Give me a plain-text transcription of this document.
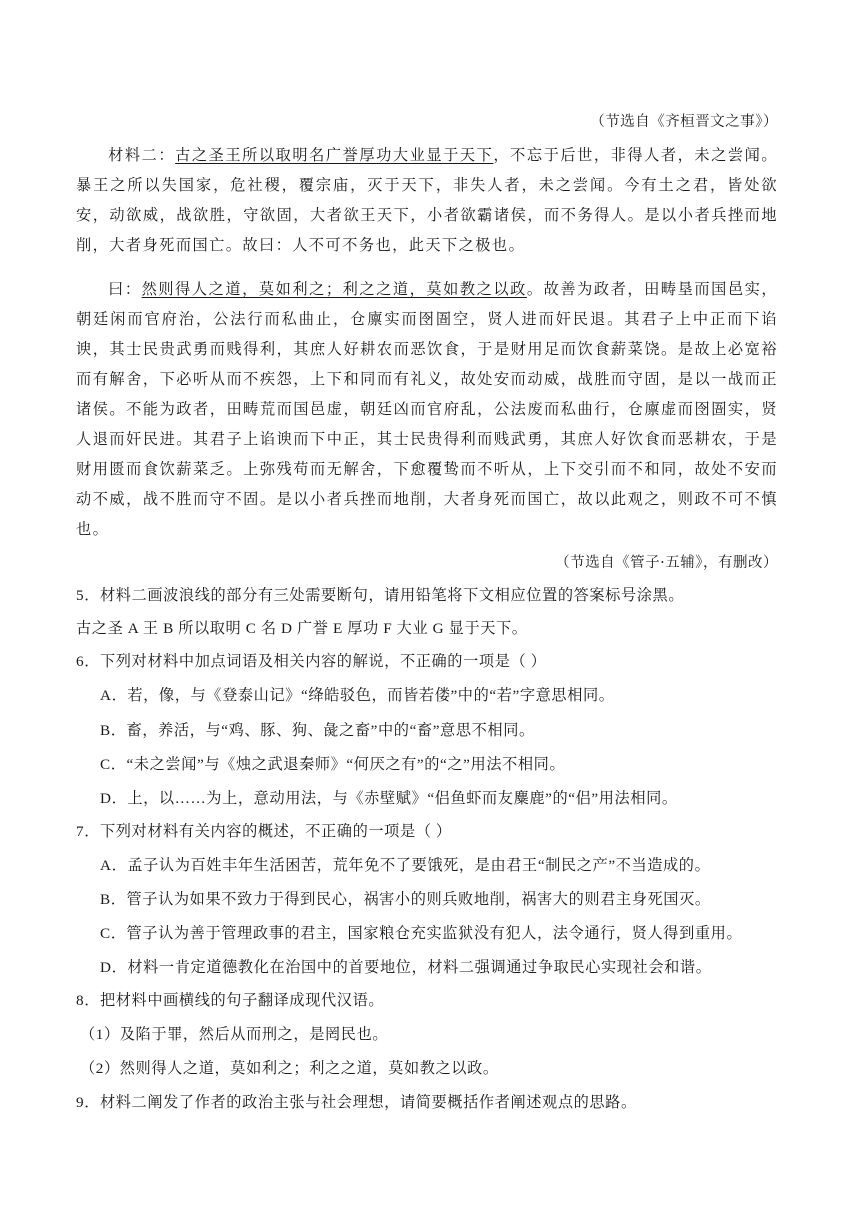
（节选自《齐桓晋文之事》）
材料二：古之圣王所以取明名广誉厚功大业显于天下，不忘于后世，非得人者，未之尝闻。暴王之所以失国家，危社稷，覆宗庙，灭于天下，非失人者，未之尝闻。今有土之君，皆处欲安，动欲威，战欲胜，守欲固，大者欲王天下，小者欲霸诸侯，而不务得人。是以小者兵挫而地削，大者身死而国亡。故曰：人不可不务也，此天下之极也。
曰：然则得人之道，莫如利之；利之之道，莫如教之以政。故善为政者，田畴垦而国邑实，朝廷闲而官府治，公法行而私曲止，仓廪实而囹圄空，贤人进而奸民退。其君子上中正而下谄谀，其士民贵武勇而贱得利，其庶人好耕农而恶饮食，于是财用足而饮食薪菜饶。是故上必宽裕而有解舍，下必听从而不疾怨，上下和同而有礼义，故处安而动威，战胜而守固，是以一战而正诸侯。不能为政者，田畴荒而国邑虚，朝廷凶而官府乱，公法废而私曲行，仓廪虚而囹圄实，贤人退而奸民进。其君子上谄谀而下中正，其士民贵得利而贱武勇，其庶人好饮食而恶耕农，于是财用匮而食饮薪菜乏。上弥残苟而无解舍，下愈覆鸷而不听从，上下交引而不和同，故处不安而动不威，战不胜而守不固。是以小者兵挫而地削，大者身死而国亡，故以此观之，则政不可不慎也。
（节选自《管子·五辅》，有删改）
5．材料二画波浪线的部分有三处需要断句，请用铅笔将下文相应位置的答案标号涂黑。
古之圣 A 王 B 所以取明 C 名 D 广誉 E 厚功 F 大业 G 显于天下。
6．下列对材料中加点词语及相关内容的解说，不正确的一项是（ ）
A．若，像，与《登泰山记》“绛皓驳色，而皆若偻”中的“若”字意思相同。
B．畜，养活，与“鸡、豚、狗、彘之畜”中的“畜”意思不相同。
C．“未之尝闻”与《烛之武退秦师》“何厌之有”的“之”用法不相同。
D．上，以……为上，意动用法，与《赤壁赋》“侣鱼虾而友麋鹿”的“侣”用法相同。
7．下列对材料有关内容的概述，不正确的一项是（ ）
A．孟子认为百姓丰年生活困苦，荒年免不了要饿死，是由君王“制民之产”不当造成的。
B．管子认为如果不致力于得到民心，祸害小的则兵败地削，祸害大的则君主身死国灭。
C．管子认为善于管理政事的君主，国家粮仓充实监狱没有犯人，法令通行，贤人得到重用。
D．材料一肯定道德教化在治国中的首要地位，材料二强调通过争取民心实现社会和谐。
8．把材料中画横线的句子翻译成现代汉语。
（1）及陷于罪，然后从而刑之，是罔民也。
（2）然则得人之道，莫如利之；利之之道，莫如教之以政。
9．材料二阐发了作者的政治主张与社会理想，请简要概括作者阐述观点的思路。
